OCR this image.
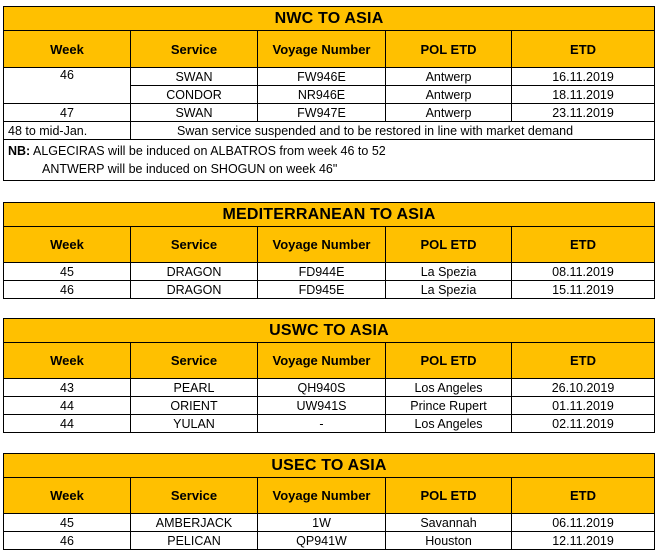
NWC TO ASIA				
Week	Service	Voyage Number	POL ETD	ETD
46	SWAN	FW946E	Antwerp	16.11.2019
	CONDOR	NR946E	Antwerp	18.11.2019
47	SWAN	FW947E	Antwerp	23.11.2019
48 to mid-Jan.	Swan service suspended and to be restored in line with market demand			
NB: ALGECIRAS will be induced on ALBATROS from week 46 to 52
ANTWERP will be induced on SHOGUN on week 46"				
MEDITERRANEAN TO ASIA				
Week	Service	Voyage Number	POL ETD	ETD
45	DRAGON	FD944E	La Spezia	08.11.2019
46	DRAGON	FD945E	La Spezia	15.11.2019
USWC TO ASIA				
Week	Service	Voyage Number	POL ETD	ETD
43	PEARL	QH940S	Los Angeles	26.10.2019
44	ORIENT	UW941S	Prince Rupert	01.11.2019
44	YULAN	-	Los Angeles	02.11.2019
USEC TO ASIA				
Week	Service	Voyage Number	POL ETD	ETD
45	AMBERJACK	1W	Savannah	06.11.2019
46	PELICAN	QP941W	Houston	12.11.2019
